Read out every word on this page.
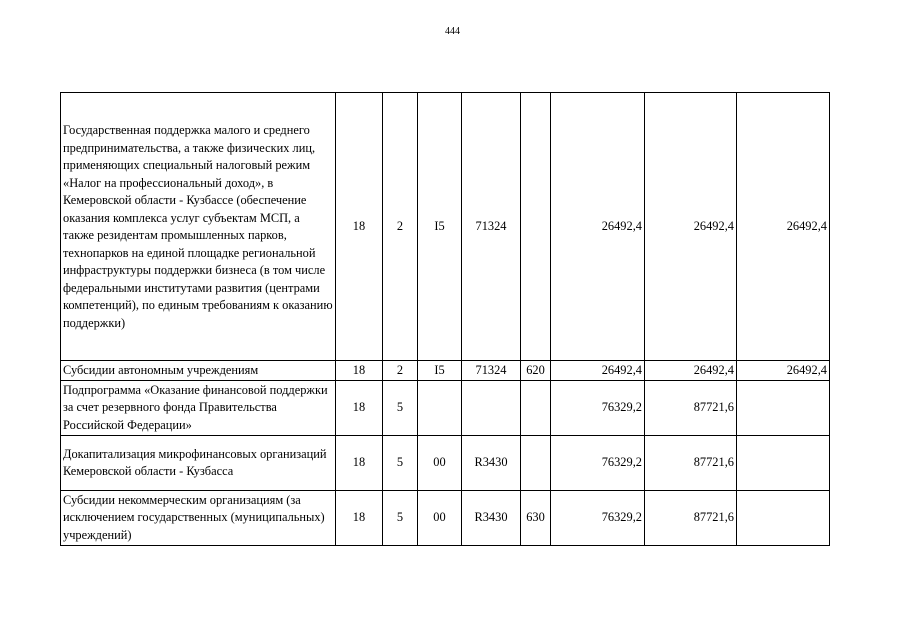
444
Государственная поддержка малого и среднего предпринимательства, а также физических лиц, применяющих специальный налоговый режим «Налог на профессиональный доход», в Кемеровской области - Кузбассе (обеспечение оказания комплекса услуг субъектам МСП, а также резидентам промышленных парков, технопарков на единой площадке региональной инфраструктуры поддержки бизнеса (в том числе федеральными институтами развития (центрами компетенций), по единым требованиям к оказанию поддержки)	18	2	I5	71324		26492,4	26492,4	26492,4
Субсидии автономным учреждениям	18	2	I5	71324	620	26492,4	26492,4	26492,4
Подпрограмма «Оказание финансовой поддержки за счет резервного фонда Правительства Российской Федерации»	18	5				76329,2	87721,6	
Докапитализация микрофинансовых организаций Кемеровской области - Кузбасса	18	5	00	R3430		76329,2	87721,6	
Субсидии некоммерческим организациям (за исключением государственных (муниципальных) учреждений)	18	5	00	R3430	630	76329,2	87721,6	
